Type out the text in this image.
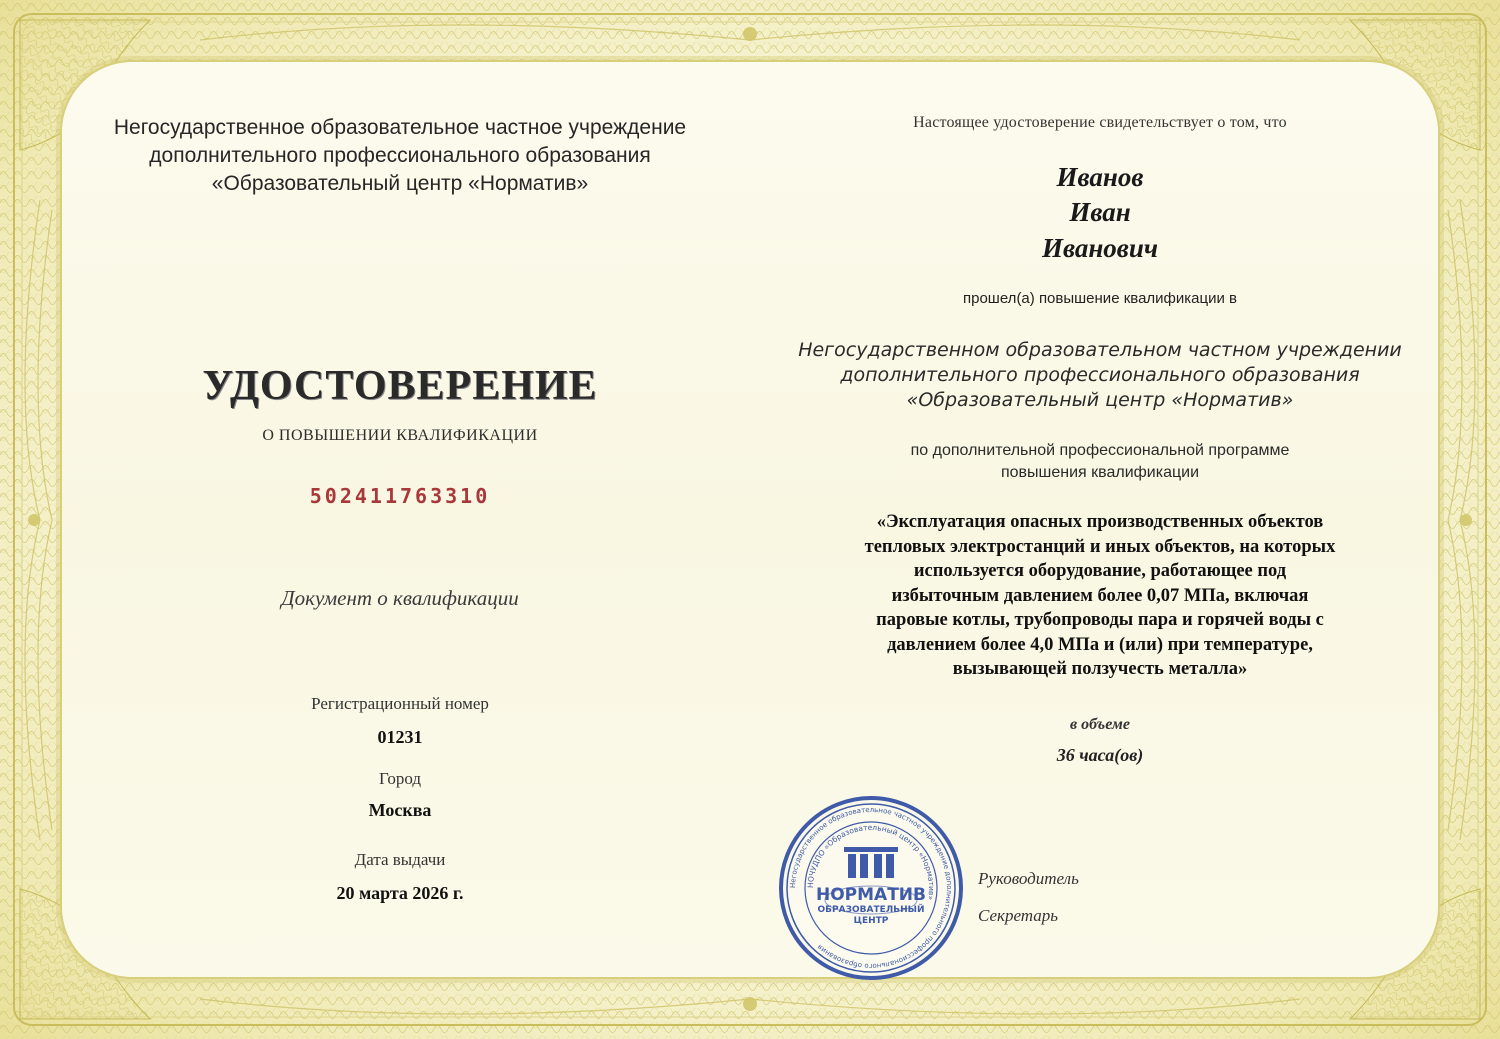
Негосударственное образовательное частное учреждение
дополнительного профессионального образования
«Образовательный центр «Норматив»
УДОСТОВЕРЕНИЕ
О ПОВЫШЕНИИ КВАЛИФИКАЦИИ
502411763310
Документ о квалификации
Регистрационный номер
01231
Город
Москва
Дата выдачи
20 марта 2026 г.
Настоящее удостоверение свидетельствует о том, что
Иванов
Иван
Иванович
прошел(а) повышение квалификации в
Негосударственном образовательном частном учреждении
дополнительного профессионального образования
«Образовательный центр «Норматив»
по дополнительной профессиональной программе
повышения квалификации
«Эксплуатация опасных производственных объектов
тепловых электростанций и иных объектов, на которых
используется оборудование, работающее под
избыточным давлением более 0,07 МПа, включая
паровые котлы, трубопроводы пара и горячей воды с
давлением более 4,0 МПа и (или) при температуре,
вызывающей ползучесть металла»
в объеме
36 часа(ов)
Негосударственное образовательное частное учреждение дополнительного профессионального образования
НОЧУДПО «Образовательный центр «Норматив»
НОРМАТИВ
ОБРАЗОВАТЕЛЬНЫЙ
ЦЕНТР
Руководитель
Секретарь
